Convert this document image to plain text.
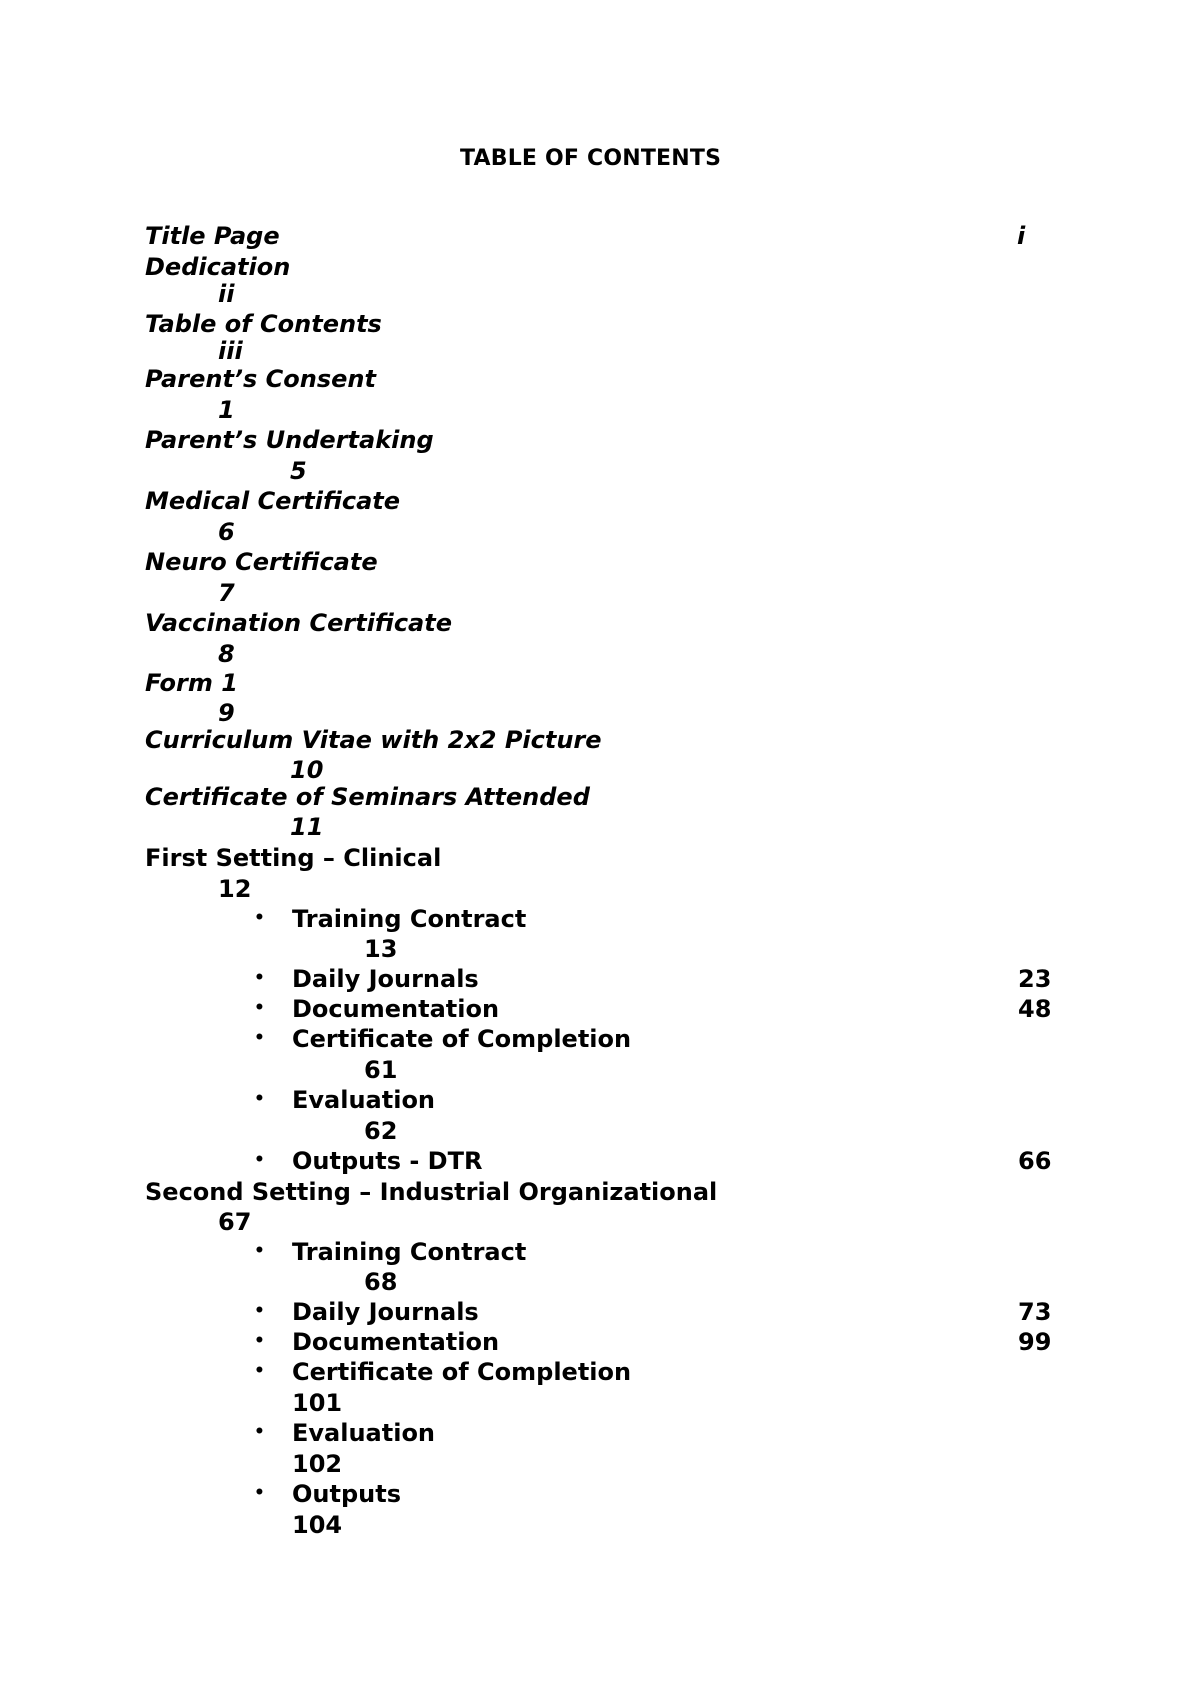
TABLE OF CONTENTS
Title Page	i
Dedication
ii
Table of Contents
iii
Parent’s Consent
1
Parent’s Undertaking
5
Medical Certificate
6
Neuro Certificate
7
Vaccination Certificate
8
Form 1
9
Curriculum Vitae with 2x2 Picture
10
Certificate of Seminars Attended
11
First Setting – Clinical
12
• Training Contract
13
• Daily Journals	23
• Documentation	48
• Certificate of Completion
61
• Evaluation
62
• Outputs - DTR	66
Second Setting – Industrial Organizational
67
• Training Contract
68
• Daily Journals	73
• Documentation	99
• Certificate of Completion
101
• Evaluation
102
• Outputs
104
